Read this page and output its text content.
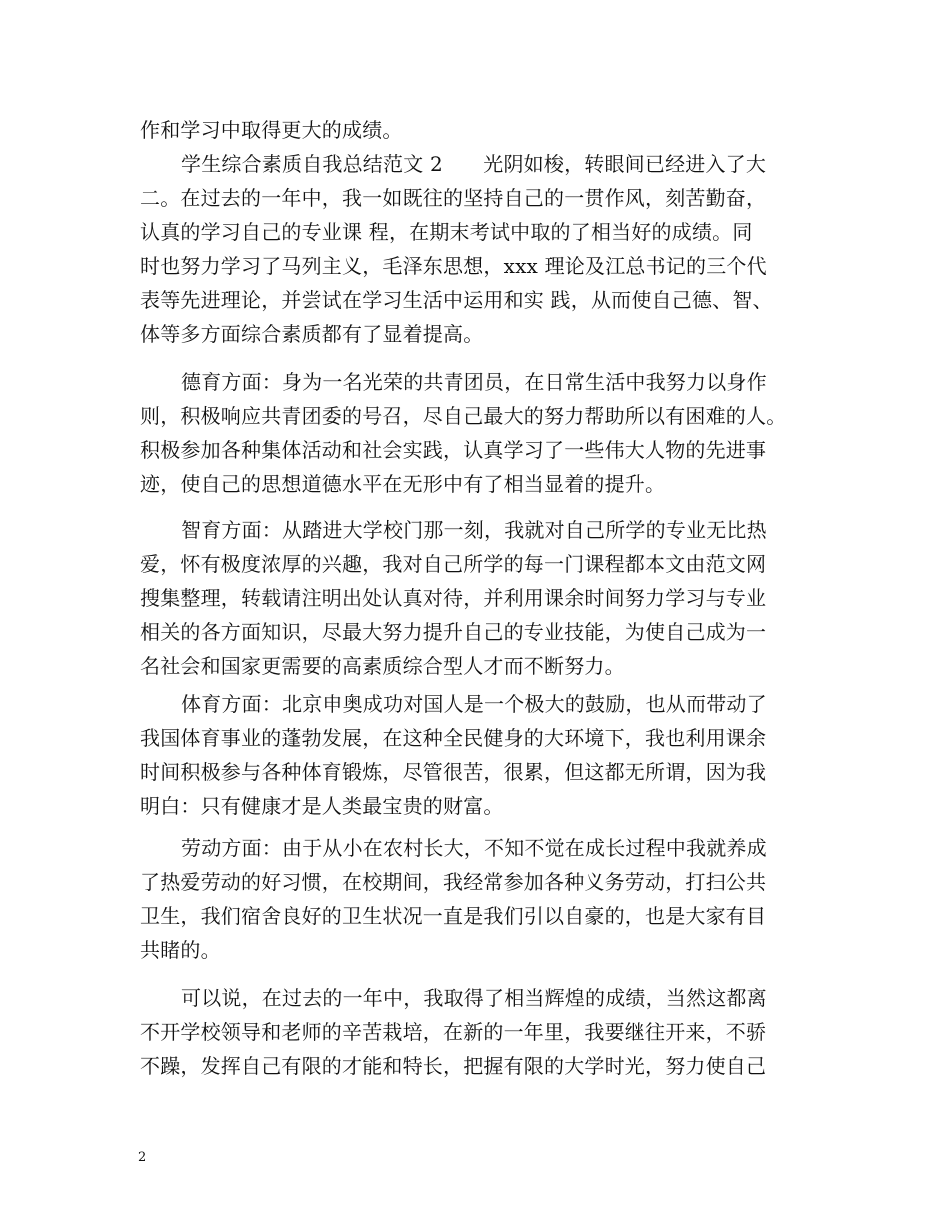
作和学习中取得更大的成绩。
学生综合素质自我总结范文 2　　光阴如梭，转眼间已经进入了大
二。在过去的一年中，我一如既往的坚持自己的一贯作风，刻苦勤奋，
认真的学习自己的专业课 程，在期末考试中取的了相当好的成绩。同
时也努力学习了马列主义，毛泽东思想，xxx 理论及江总书记的三个代
表等先进理论，并尝试在学习生活中运用和实 践，从而使自己德、智、
体等多方面综合素质都有了显着提高。
德育方面：身为一名光荣的共青团员，在日常生活中我努力以身作
则，积极响应共青团委的号召，尽自己最大的努力帮助所以有困难的人。
积极参加各种集体活动和社会实践，认真学习了一些伟大人物的先进事
迹，使自己的思想道德水平在无形中有了相当显着的提升。
智育方面：从踏进大学校门那一刻，我就对自己所学的专业无比热
爱，怀有极度浓厚的兴趣，我对自己所学的每一门课程都本文由范文网
搜集整理，转载请注明出处认真对待，并利用课余时间努力学习与专业
相关的各方面知识，尽最大努力提升自己的专业技能，为使自己成为一
名社会和国家更需要的高素质综合型人才而不断努力。
体育方面：北京申奥成功对国人是一个极大的鼓励，也从而带动了
我国体育事业的蓬勃发展，在这种全民健身的大环境下，我也利用课余
时间积极参与各种体育锻炼，尽管很苦，很累，但这都无所谓，因为我
明白：只有健康才是人类最宝贵的财富。
劳动方面：由于从小在农村长大，不知不觉在成长过程中我就养成
了热爱劳动的好习惯，在校期间，我经常参加各种义务劳动，打扫公共
卫生，我们宿舍良好的卫生状况一直是我们引以自豪的，也是大家有目
共睹的。
可以说，在过去的一年中，我取得了相当辉煌的成绩，当然这都离
不开学校领导和老师的辛苦栽培，在新的一年里，我要继往开来，不骄
不躁，发挥自己有限的才能和特长，把握有限的大学时光，努力使自己
2
